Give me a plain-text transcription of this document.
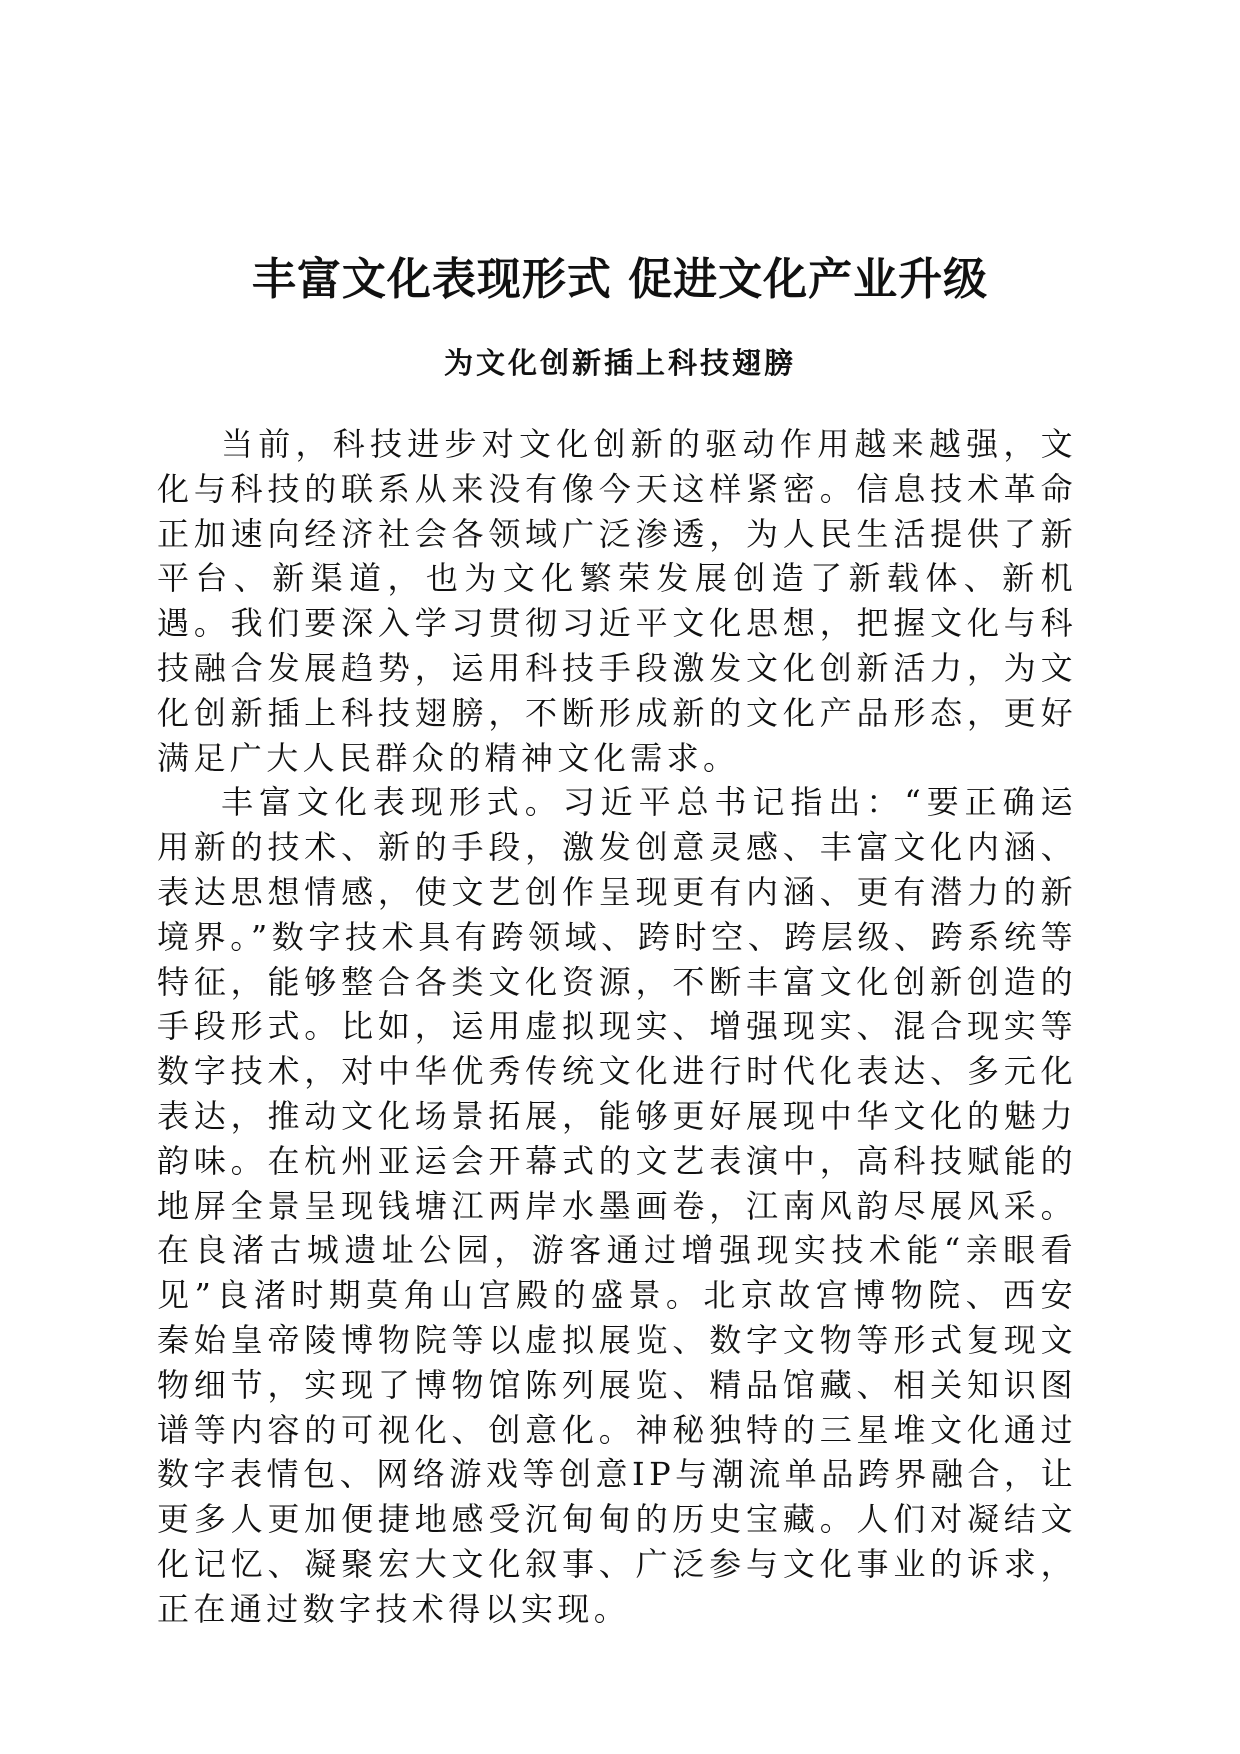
丰富文化表现形式 促进文化产业升级
为文化创新插上科技翅膀

当前，科技进步对文化创新的驱动作用越来越强，文化与科技的联系从来没有像今天这样紧密。信息技术革命正加速向经济社会各领域广泛渗透，为人民生活提供了新平台、新渠道，也为文化繁荣发展创造了新载体、新机遇。我们要深入学习贯彻习近平文化思想，把握文化与科技融合发展趋势，运用科技手段激发文化创新活力，为文化创新插上科技翅膀，不断形成新的文化产品形态，更好满足广大人民群众的精神文化需求。

丰富文化表现形式。习近平总书记指出：“要正确运用新的技术、新的手段，激发创意灵感、丰富文化内涵、表达思想情感，使文艺创作呈现更有内涵、更有潜力的新境界。”数字技术具有跨领域、跨时空、跨层级、跨系统等特征，能够整合各类文化资源，不断丰富文化创新创造的手段形式。比如，运用虚拟现实、增强现实、混合现实等数字技术，对中华优秀传统文化进行时代化表达、多元化表达，推动文化场景拓展，能够更好展现中华文化的魅力韵味。在杭州亚运会开幕式的文艺表演中，高科技赋能的地屏全景呈现钱塘江两岸水墨画卷，江南风韵尽展风采。在良渚古城遗址公园，游客通过增强现实技术能“亲眼看见”良渚时期莫角山宫殿的盛景。北京故宫博物院、西安秦始皇帝陵博物院等以虚拟展览、数字文物等形式复现文物细节，实现了博物馆陈列展览、精品馆藏、相关知识图谱等内容的可视化、创意化。神秘独特的三星堆文化通过数字表情包、网络游戏等创意IP与潮流单品跨界融合，让更多人更加便捷地感受沉甸甸的历史宝藏。人们对凝结文化记忆、凝聚宏大文化叙事、广泛参与文化事业的诉求，正在通过数字技术得以实现。
